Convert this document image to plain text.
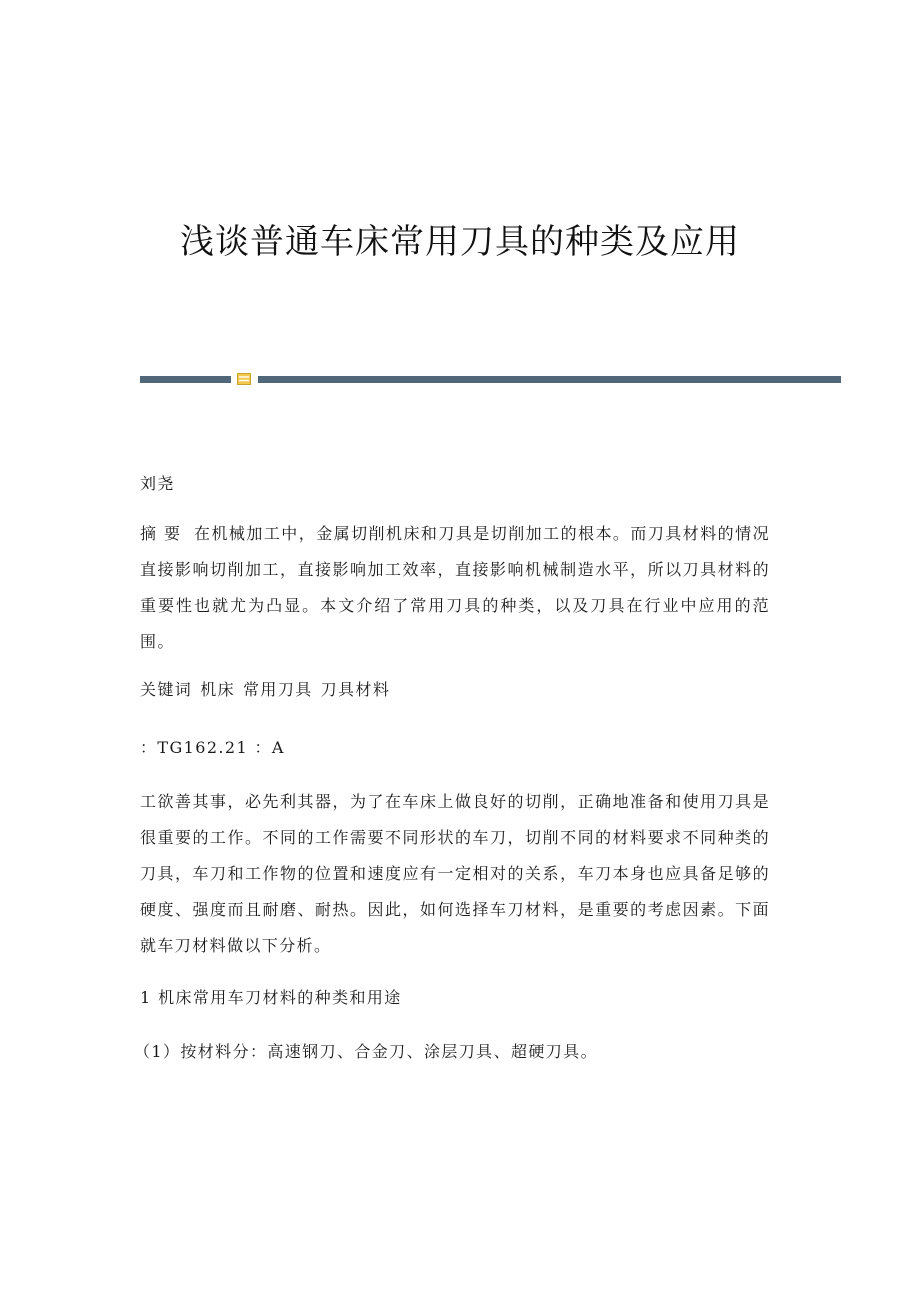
浅谈普通车床常用刀具的种类及应用

刘尧

摘 要 在机械加工中，金属切削机床和刀具是切削加工的根本。而刀具材料的情况直接影响切削加工，直接影响加工效率，直接影响机械制造水平，所以刀具材料的重要性也就尤为凸显。本文介绍了常用刀具的种类，以及刀具在行业中应用的范围。

关键词 机床 常用刀具 刀具材料

：TG162.21 ：A

工欲善其事，必先利其器，为了在车床上做良好的切削，正确地准备和使用刀具是很重要的工作。不同的工作需要不同形状的车刀，切削不同的材料要求不同种类的刀具，车刀和工作物的位置和速度应有一定相对的关系，车刀本身也应具备足够的硬度、强度而且耐磨、耐热。因此，如何选择车刀材料，是重要的考虑因素。下面就车刀材料做以下分析。

1 机床常用车刀材料的种类和用途

（1）按材料分：高速钢刀、合金刀、涂层刀具、超硬刀具。
